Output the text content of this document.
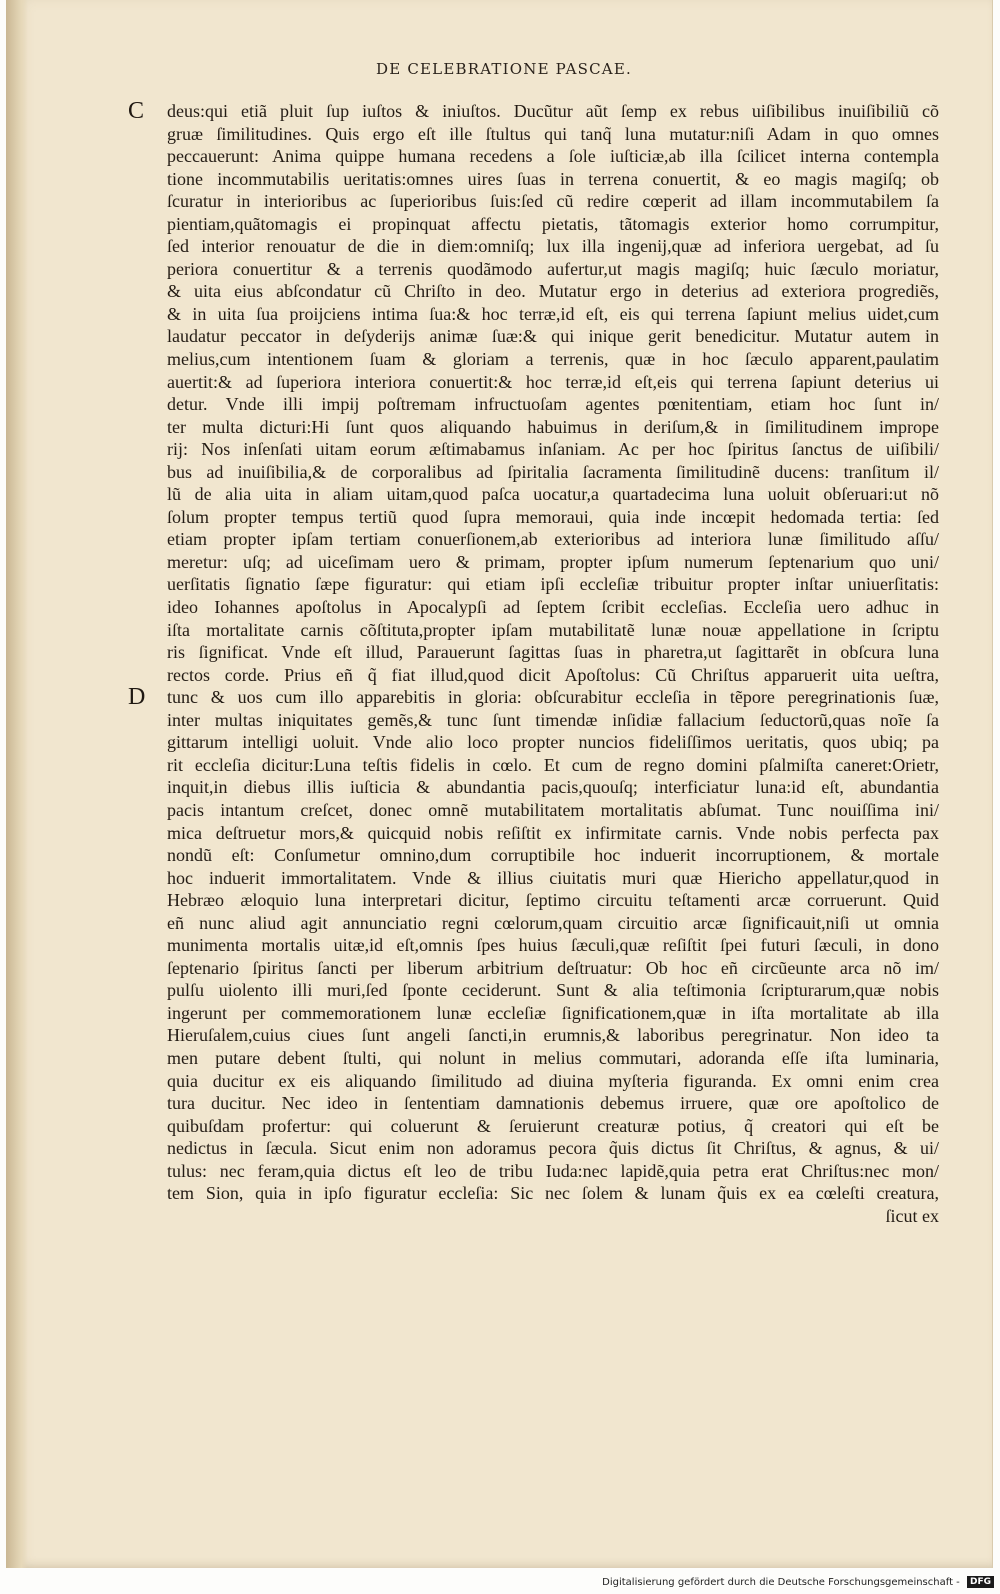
DE CELEBRATIONE PASCAE.
C
D
deus:qui etiã pluit ſup iuſtos & iniuſtos. Ducũtur aũt ſemp ex rebus uiſibilibus inuiſibiliũ cõ
gruæ ſimilitudines. Quis ergo eſt ille ſtultus qui tanq̃ luna mutatur:niſi Adam in quo omnes
peccauerunt: Anima quippe humana recedens a ſole iuſticiæ,ab illa ſcilicet interna contempla
tione incommutabilis ueritatis:omnes uires ſuas in terrena conuertit, & eo magis magiſq; ob
ſcuratur in interioribus ac ſuperioribus ſuis:ſed cũ redire cœperit ad illam incommutabilem ſa
pientiam,quãtomagis ei propinquat affectu pietatis, tãtomagis exterior homo corrumpitur,
ſed interior renouatur de die in diem:omniſq; lux illa ingenij,quæ ad inferiora uergebat, ad ſu
periora conuertitur & a terrenis quodãmodo aufertur,ut magis magiſq; huic ſæculo moriatur,
& uita eius abſcondatur cũ Chriſto in deo. Mutatur ergo in deterius ad exteriora progrediẽs,
& in uita ſua proijciens intima ſua:& hoc terræ,id eſt, eis qui terrena ſapiunt melius uidet,cum
laudatur peccator in deſyderijs animæ ſuæ:& qui inique gerit benedicitur. Mutatur autem in
melius,cum intentionem ſuam & gloriam a terrenis, quæ in hoc ſæculo apparent,paulatim
auertit:& ad ſuperiora interiora conuertit:& hoc terræ,id eſt,eis qui terrena ſapiunt deterius ui
detur. Vnde illi impij poſtremam infructuoſam agentes pœnitentiam, etiam hoc ſunt in/
ter multa dicturi:Hi ſunt quos aliquando habuimus in deriſum,& in ſimilitudinem imprope
rij: Nos inſenſati uitam eorum æſtimabamus inſaniam. Ac per hoc ſpiritus ſanctus de uiſibili/
bus ad inuiſibilia,& de corporalibus ad ſpiritalia ſacramenta ſimilitudinẽ ducens: tranſitum il/
lũ de alia uita in aliam uitam,quod paſca uocatur,a quartadecima luna uoluit obſeruari:ut nõ
ſolum propter tempus tertiũ quod ſupra memoraui, quia inde incœpit hedomada tertia: ſed
etiam propter ipſam tertiam conuerſionem,ab exterioribus ad interiora lunæ ſimilitudo aſſu/
meretur: uſq; ad uiceſimam uero & primam, propter ipſum numerum ſeptenarium quo uni/
uerſitatis ſignatio ſæpe figuratur: qui etiam ipſi eccleſiæ tribuitur propter inſtar uniuerſitatis:
ideo Iohannes apoſtolus in Apocalypſi ad ſeptem ſcribit eccleſias. Eccleſia uero adhuc in
iſta mortalitate carnis cõſtituta,propter ipſam mutabilitatẽ lunæ nouæ appellatione in ſcriptu
ris ſignificat. Vnde eſt illud, Parauerunt ſagittas ſuas in pharetra,ut ſagittarẽt in obſcura luna
rectos corde. Prius eñ q̃ fiat illud,quod dicit Apoſtolus: Cũ Chriſtus apparuerit uita ueſtra,
tunc & uos cum illo apparebitis in gloria: obſcurabitur eccleſia in tẽpore peregrinationis ſuæ,
inter multas iniquitates gemẽs,& tunc ſunt timendæ inſidiæ fallacium ſeductorũ,quas noĩe ſa
gittarum intelligi uoluit. Vnde alio loco propter nuncios fideliſſimos ueritatis, quos ubiq; pa
rit eccleſia dicitur:Luna teſtis fidelis in cœlo. Et cum de regno domini pſalmiſta caneret:Orietr,
inquit,in diebus illis iuſticia & abundantia pacis,quouſq; interficiatur luna:id eſt, abundantia
pacis intantum creſcet, donec omnẽ mutabilitatem mortalitatis abſumat. Tunc nouiſſima ini/
mica deſtruetur mors,& quicquid nobis reſiſtit ex infirmitate carnis. Vnde nobis perfecta pax
nondũ eſt: Conſumetur omnino,dum corruptibile hoc induerit incorruptionem, & mortale
hoc induerit immortalitatem. Vnde & illius ciuitatis muri quæ Hiericho appellatur,quod in
Hebræo æloquio luna interpretari dicitur, ſeptimo circuitu teſtamenti arcæ corruerunt. Quid
eñ nunc aliud agit annunciatio regni cœlorum,quam circuitio arcæ ſignificauit,niſi ut omnia
munimenta mortalis uitæ,id eſt,omnis ſpes huius ſæculi,quæ reſiſtit ſpei futuri ſæculi, in dono
ſeptenario ſpiritus ſancti per liberum arbitrium deſtruatur: Ob hoc eñ circũeunte arca nõ im/
pulſu uiolento illi muri,ſed ſponte ceciderunt. Sunt & alia teſtimonia ſcripturarum,quæ nobis
ingerunt per commemorationem lunæ eccleſiæ ſignificationem,quæ in iſta mortalitate ab illa
Hieruſalem,cuius ciues ſunt angeli ſancti,in erumnis,& laboribus peregrinatur. Non ideo ta
men putare debent ſtulti, qui nolunt in melius commutari, adoranda eſſe iſta luminaria,
quia ducitur ex eis aliquando ſimilitudo ad diuina myſteria figuranda. Ex omni enim crea
tura ducitur. Nec ideo in ſententiam damnationis debemus irruere, quæ ore apoſtolico de
quibuſdam profertur: qui coluerunt & ſeruierunt creaturæ potius, q̃ creatori qui eſt be
nedictus in ſæcula. Sicut enim non adoramus pecora q̃uis dictus ſit Chriſtus, & agnus, & ui/
tulus: nec feram,quia dictus eſt leo de tribu Iuda:nec lapidẽ,quia petra erat Chriſtus:nec mon/
tem Sion, quia in ipſo figuratur eccleſia: Sic nec ſolem & lunam q̃uis ex ea cœleſti creatura,
ſicut ex
Digitalisierung gefördert durch die Deutsche Forschungsgemeinschaft - DFG
